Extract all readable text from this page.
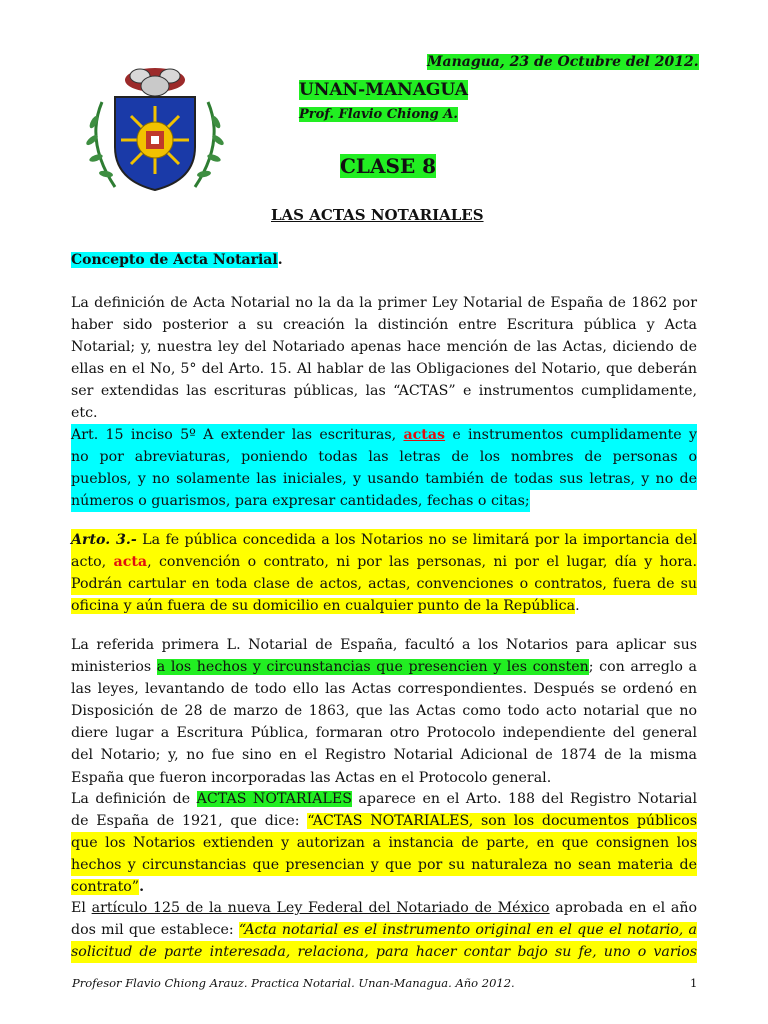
Managua, 23 de Octubre del 2012.
UNAN-MANAGUA
Prof. Flavio Chiong A.
CLASE 8
LAS ACTAS NOTARIALES
Concepto de Acta Notarial.
La definición de Acta Notarial no la da la primer Ley Notarial de España de 1862 por
haber sido posterior a su creación la distinción entre Escritura pública y Acta
Notarial; y, nuestra ley del Notariado apenas hace mención de las Actas, diciendo de
ellas en el No, 5° del Arto. 15. Al hablar de las Obligaciones del Notario, que deberán
ser extendidas las escrituras públicas, las “ACTAS” e instrumentos cumplidamente,
etc.
Art. 15 inciso 5º A extender las escrituras, actas e instrumentos cumplidamente y
no por abreviaturas, poniendo todas las letras de los nombres de personas o
pueblos, y no solamente las iniciales, y usando también de todas sus letras, y no de
números o guarismos, para expresar cantidades, fechas o citas;
Arto. 3.- La fe pública concedida a los Notarios no se limitará por la importancia del
acto, acta, convención o contrato, ni por las personas, ni por el lugar, día y hora.
Podrán cartular en toda clase de actos, actas, convenciones o contratos, fuera de su
oficina y aún fuera de su domicilio en cualquier punto de la República.
La referida primera L. Notarial de España, facultó a los Notarios para aplicar sus
ministerios a los hechos y circunstancias que presencien y les consten; con arreglo a
las leyes, levantando de todo ello las Actas correspondientes. Después se ordenó en
Disposición de 28 de marzo de 1863, que las Actas como todo acto notarial que no
diere lugar a Escritura Pública, formaran otro Protocolo independiente del general
del Notario; y, no fue sino en el Registro Notarial Adicional de 1874 de la misma
España que fueron incorporadas las Actas en el Protocolo general.
La definición de ACTAS NOTARIALES aparece en el Arto. 188 del Registro Notarial
de España de 1921, que dice: “ACTAS NOTARIALES, son los documentos públicos
que los Notarios extienden y autorizan a instancia de parte, en que consignen los
hechos y circunstancias que presencian y que por su naturaleza no sean materia de
contrato”.
El artículo 125 de la nueva Ley Federal del Notariado de México aprobada en el año
dos mil que establece: “Acta notarial es el instrumento original en el que el notario, a
solicitud de parte interesada, relaciona, para hacer contar bajo su fe, uno o varios
Profesor Flavio Chiong Arauz. Practica Notarial. Unan-Managua. Año 2012.	1
